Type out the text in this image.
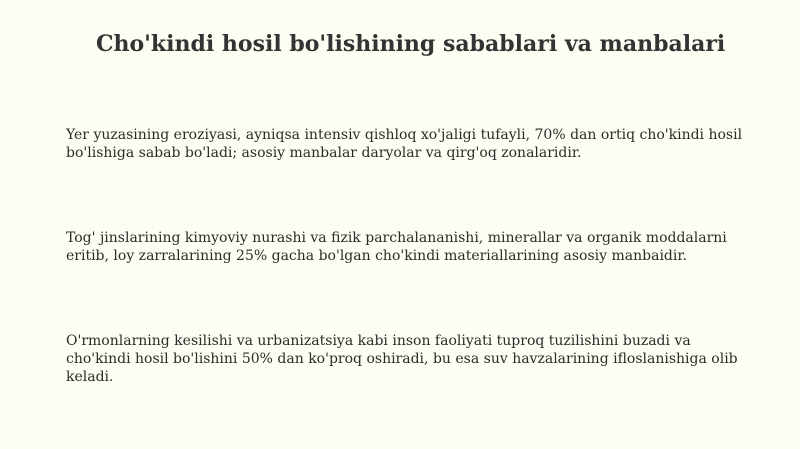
Cho'kindi hosil bo'lishining sabablari va manbalari

Yer yuzasining eroziyasi, ayniqsa intensiv qishloq xo'jaligi tufayli, 70% dan ortiq cho'kindi hosil bo'lishiga sabab bo'ladi; asosiy manbalar daryolar va qirg'oq zonalaridir.

Tog' jinslarining kimyoviy nurashi va fizik parchalananishi, minerallar va organik moddalarni eritib, loy zarralarining 25% gacha bo'lgan cho'kindi materiallarining asosiy manbaidir.

O'rmonlarning kesilishi va urbanizatsiya kabi inson faoliyati tuproq tuzilishini buzadi va cho'kindi hosil bo'lishini 50% dan ko'proq oshiradi, bu esa suv havzalarining ifloslanishiga olib keladi.
